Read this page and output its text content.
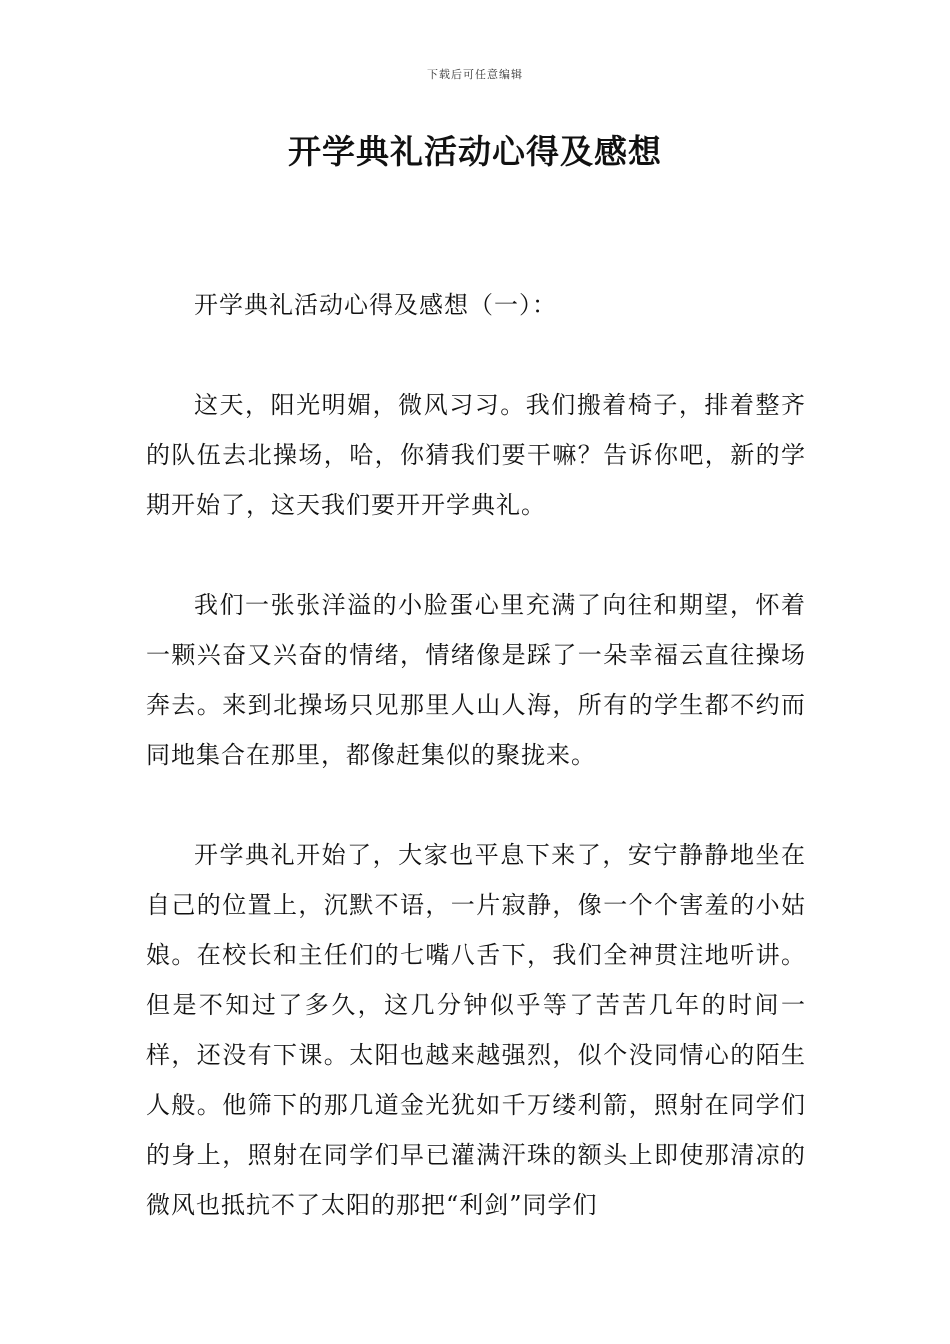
下载后可任意编辑
开学典礼活动心得及感想

开学典礼活动心得及感想（一）：

这天，阳光明媚，微风习习。我们搬着椅子，排着整齐的队伍去北操场，哈，你猜我们要干嘛？告诉你吧，新的学期开始了，这天我们要开开学典礼。

我们一张张洋溢的小脸蛋心里充满了向往和期望，怀着一颗兴奋又兴奋的情绪，情绪像是踩了一朵幸福云直往操场奔去。来到北操场只见那里人山人海，所有的学生都不约而同地集合在那里，都像赶集似的聚拢来。

开学典礼开始了，大家也平息下来了，安宁静静地坐在自己的位置上，沉默不语，一片寂静，像一个个害羞的小姑娘。在校长和主任们的七嘴八舌下，我们全神贯注地听讲。但是不知过了多久，这几分钟似乎等了苦苦几年的时间一样，还没有下课。太阳也越来越强烈，似个没同情心的陌生人般。他筛下的那几道金光犹如千万缕利箭，照射在同学们的身上，照射在同学们早已灌满汗珠的额头上即使那清凉的微风也抵抗不了太阳的那把“利剑”同学们
